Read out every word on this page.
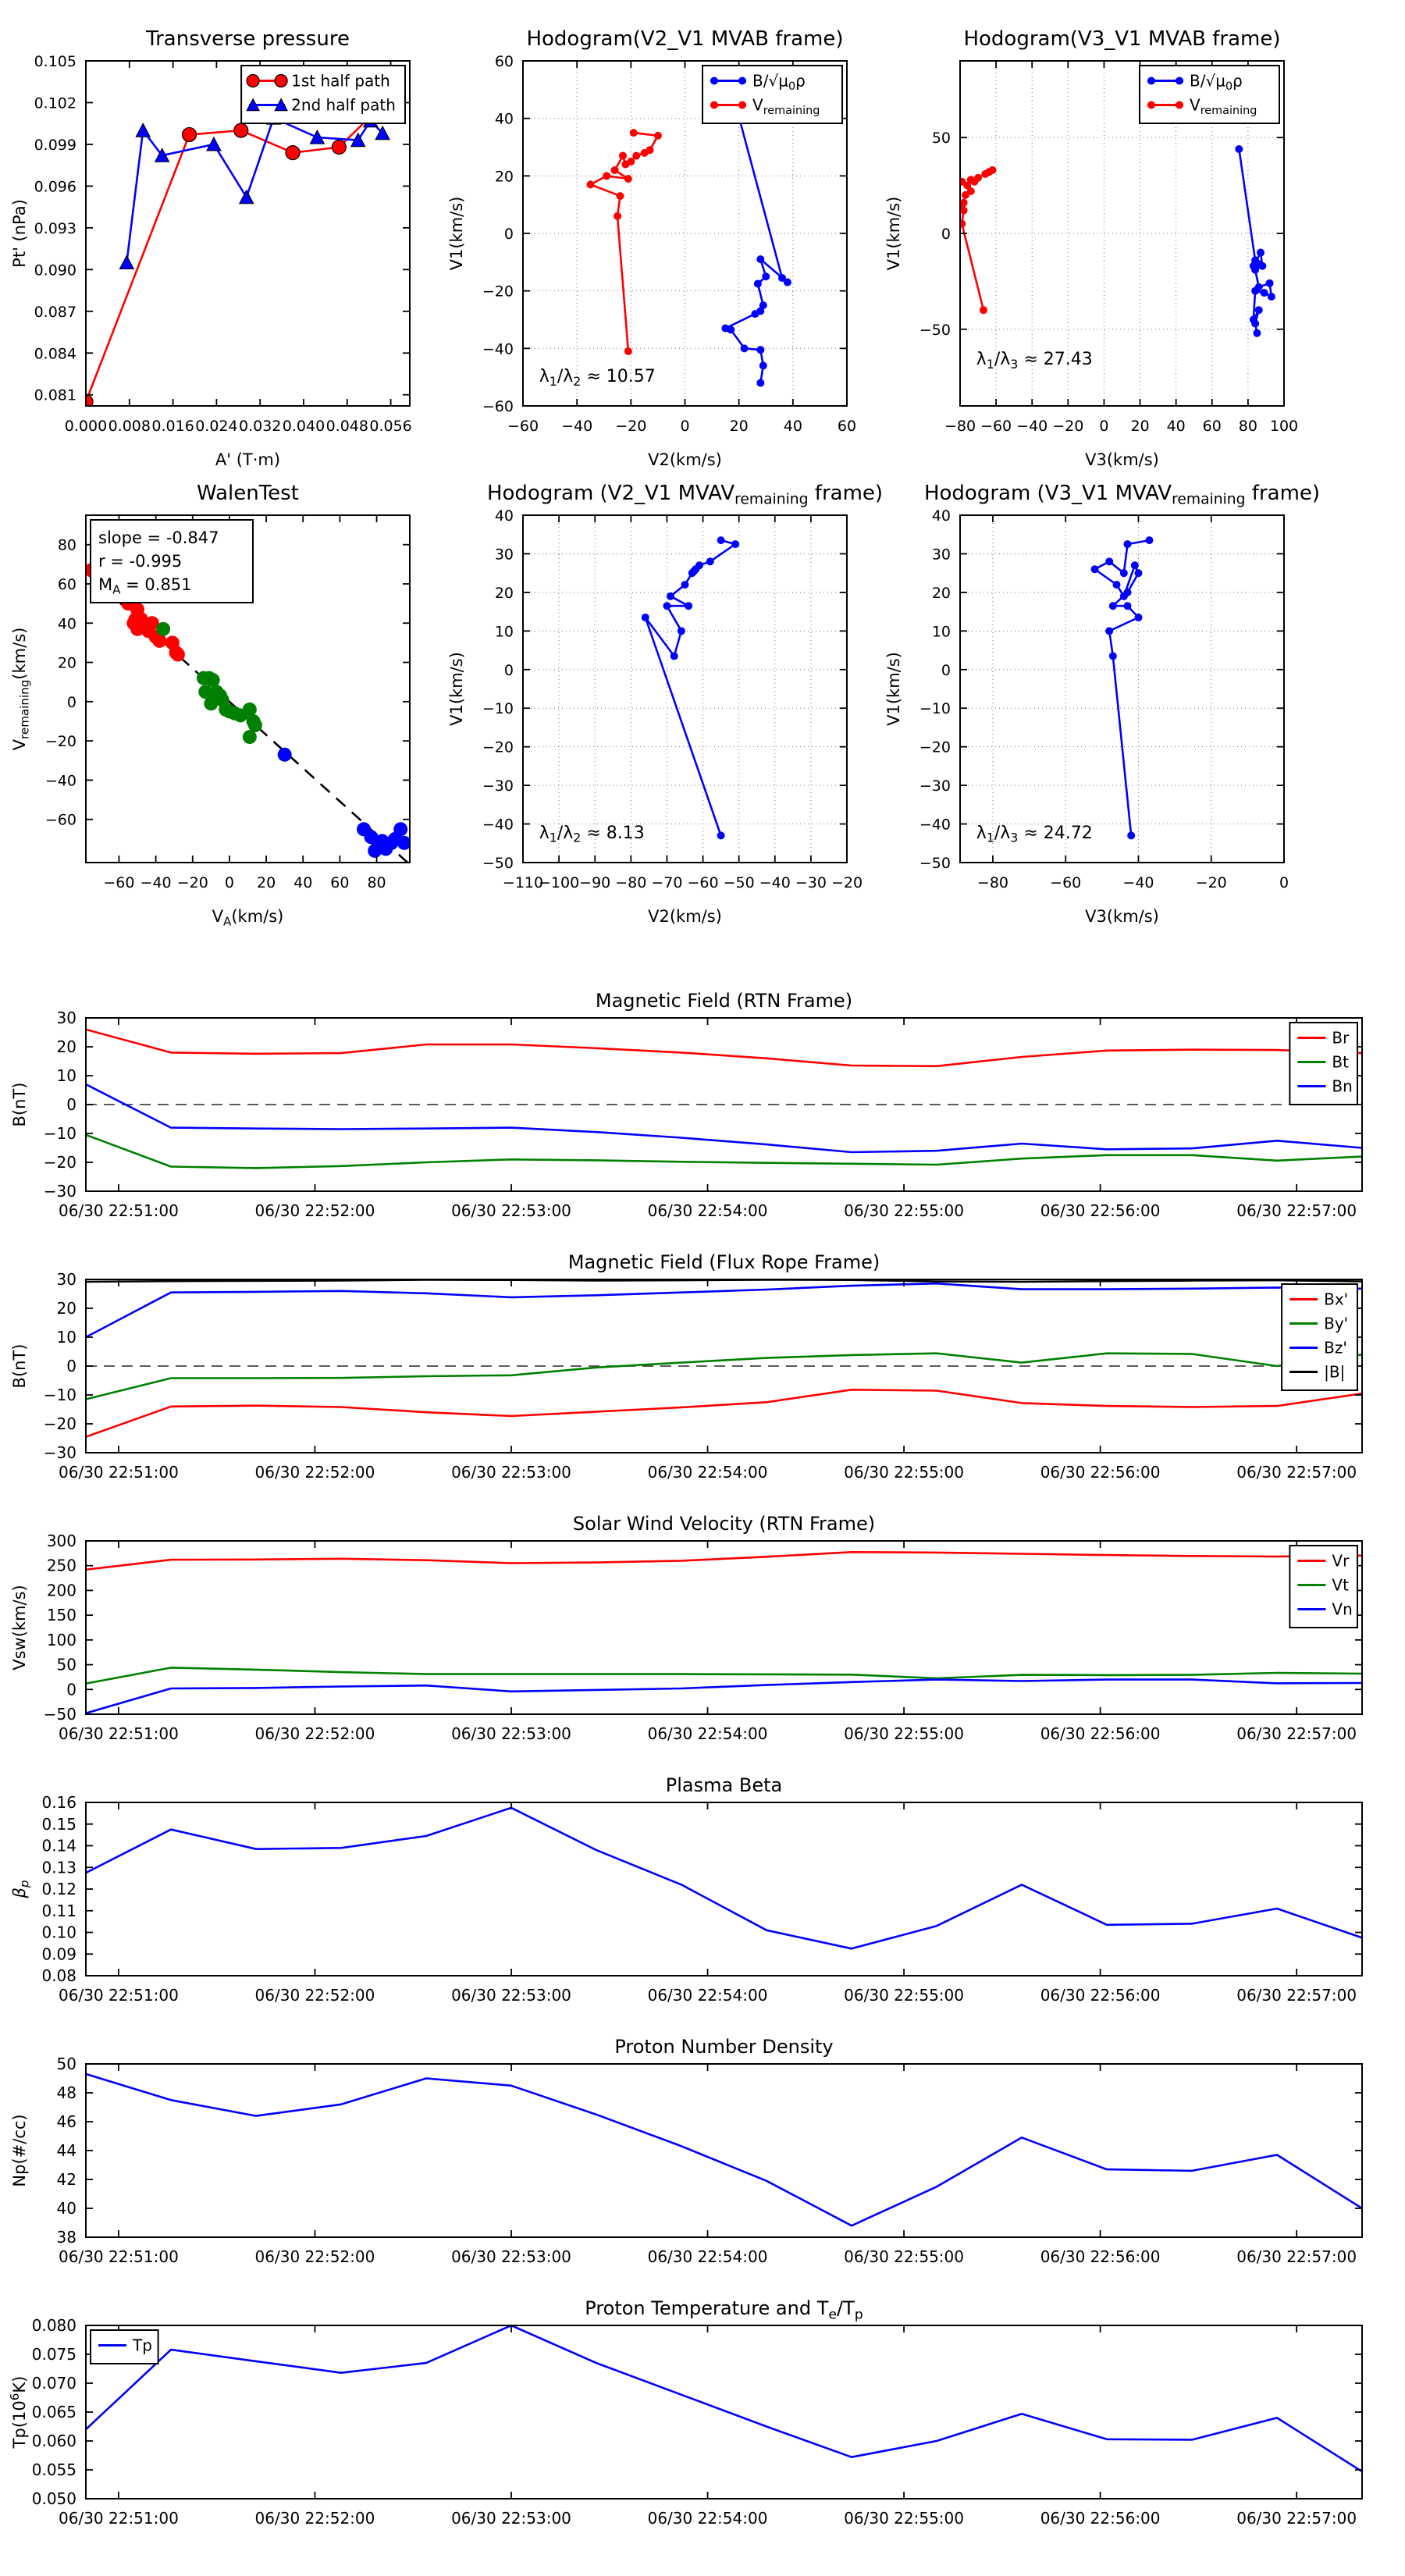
0.000 0.008 0.016 0.024 0.032 0.040 0.048 0.056
0.081
0.084
0.087
0.090
0.093
0.096
0.099
0.102
0.105
Transverse pressure
A' (T·m)
Pt' (nPa)
1st half path
2nd half path
−60 −40 −20 0	20 40 60
−60
−40
−20
0
20
40
60
Hodogram(V2_V1 MVAB frame)
V2(km/s)
V1(km/s)
$\lambda_1/\lambda_2 \approx 10.57$
$B/√\mu_0\rho$
$V_{remaining}$
−80 −60 −40 −20 0 20 40 60 80 100
−50
0
50
Hodogram(V3_V1 MVAB frame)
V3(km/s)
V1(km/s)
$\lambda_1/\lambda_3 \approx 27.43$
$B/√\mu_0\rho$
$V_{remaining}$
−60 −40 −20 0 20 40 60 80
−60
−40
−20
0
20
40
60
80
WalenTest
$V_A(km/s)$
$V_{remaining}(km/s)$
slope = -0.847
r = -0.995
$M_A = 0.851$
−110
−100 −90 −80 −70 −60 −50 −40 −30 −20
−50
−40
−30
−20
−10
0
10
20
30
40
Hodogram (V2_V1 $MVAV_{remaining}$ frame)
V2(km/s)
V1(km/s)
$\lambda_1/\lambda_2 \approx 8.13$
−80	−60	−40	−20	0
−50
−40
−30
−20
−10
0
10
20
30
40
Hodogram (V3_V1 $MVAV_{remaining}$ frame)
V3(km/s)
V1(km/s)
$\lambda_1/\lambda_3 \approx 24.72$
06/30 22:51:00	06/30 22:52:00	06/30 22:53:00	06/30 22:54:00	06/30 22:55:00	06/30 22:56:00	06/30 22:57:00
−30
−20
−10
0
10
20
30
Magnetic Field (RTN Frame)
B(nT)
Br
Bt
Bn
06/30 22:51:00	06/30 22:52:00	06/30 22:53:00	06/30 22:54:00	06/30 22:55:00	06/30 22:56:00	06/30 22:57:00
−30
−20
−10
0
10
20
30
Magnetic Field (Flux Rope Frame)
B(nT)
Bx'
By'
Bz'
|B|
06/30 22:51:00	06/30 22:52:00	06/30 22:53:00	06/30 22:54:00	06/30 22:55:00	06/30 22:56:00	06/30 22:57:00
−50
0
50
100
150
200
250
300
Solar Wind Velocity (RTN Frame)
Vsw(km/s)
Vr
Vt
Vn
06/30 22:51:00	06/30 22:52:00	06/30 22:53:00	06/30 22:54:00	06/30 22:55:00	06/30 22:56:00	06/30 22:57:00
0.08
0.09
0.10
0.11
0.12
0.13
0.14
0.15
0.16
Plasma Beta
$\beta_p$
06/30 22:51:00	06/30 22:52:00	06/30 22:53:00	06/30 22:54:00	06/30 22:55:00	06/30 22:56:00	06/30 22:57:00
38
40
42
44
46
48
50
Proton Number Density
Np(#/cc)
06/30 22:51:00	06/30 22:52:00	06/30 22:53:00	06/30 22:54:00	06/30 22:55:00	06/30 22:56:00	06/30 22:57:00
0.050
0.055
0.060
0.065
0.070
0.075
0.080
Proton Temperature and $T_e/T_p$
$Tp(10^6K)$
Tp
